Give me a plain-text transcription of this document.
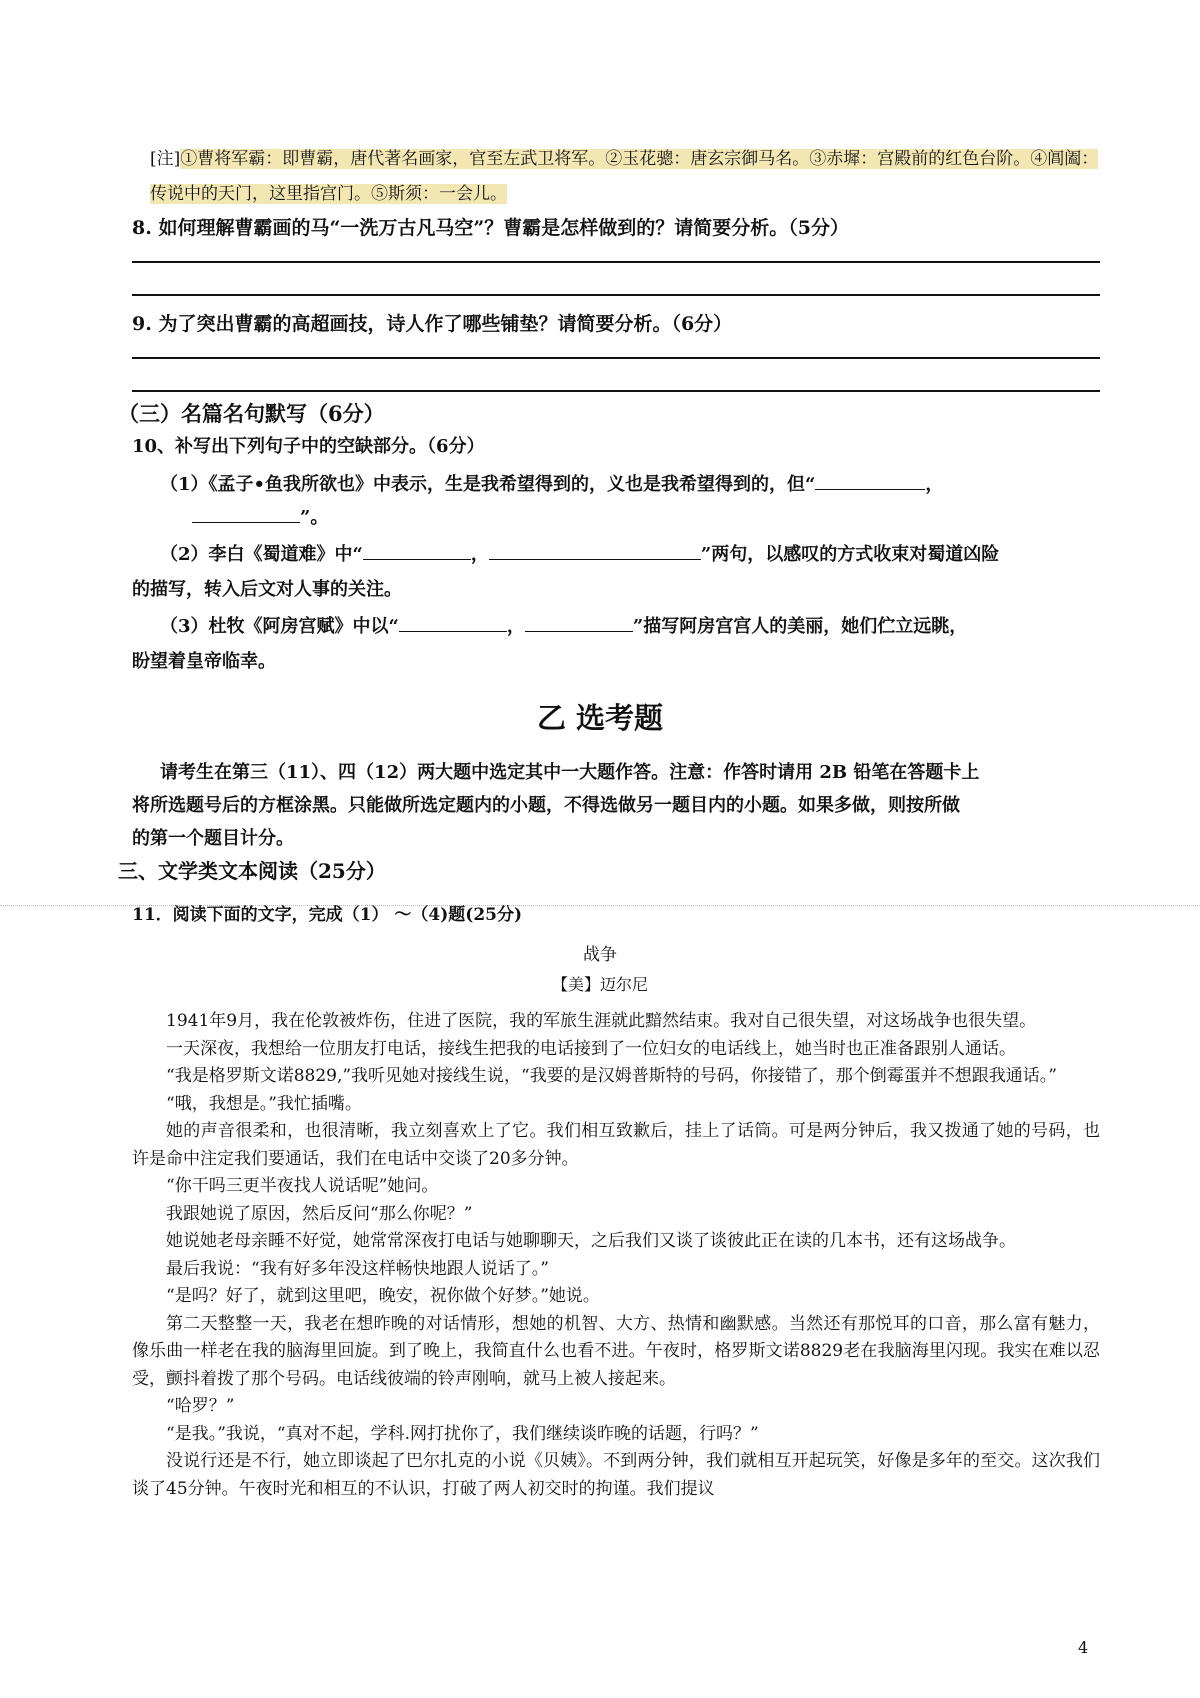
[注]①曹将军霸：即曹霸，唐代著名画家，官至左武卫将军。②玉花骢：唐玄宗御马名。③赤墀：宫殿前的红色台阶。④阊阖：传说中的天门，这里指宫门。⑤斯须：一会儿。
8. 如何理解曹霸画的马“一洗万古凡马空”？曹霸是怎样做到的？请简要分析。（5分）
9. 为了突出曹霸的高超画技，诗人作了哪些铺垫？请简要分析。（6分）
（三）名篇名句默写（6分）
10、补写出下列句子中的空缺部分。（6分）
（1）《孟子•鱼我所欲也》中表示，生是我希望得到的，义也是我希望得到的，但“	，
”。
（2）李白《蜀道难》中“	，	”两句，以感叹的方式收束对蜀道凶险
的描写，转入后文对人事的关注。
（3）杜牧《阿房宫赋》中以“	，	”描写阿房宫宫人的美丽，她们伫立远眺，
盼望着皇帝临幸。
乙 选考题
请考生在第三（11）、四（12）两大题中选定其中一大题作答。注意：作答时请用 2B 铅笔在答题卡上
将所选题号后的方框涂黑。只能做所选定题内的小题，不得选做另一题目内的小题。如果多做，则按所做
的第一个题目计分。
三、文学类文本阅读（25分）
11．阅读下面的文字，完成（1） ～（4)题(25分)
战争
【美】迈尔尼

1941年9月，我在伦敦被炸伤，住进了医院，我的军旅生涯就此黯然结束。我对自己很失望，对这场战争也很失望。

一天深夜，我想给一位朋友打电话，接线生把我的电话接到了一位妇女的电话线上，她当时也正准备跟别人通话。

“我是格罗斯文诺8829,”我听见她对接线生说，“我要的是汉姆普斯特的号码，你接错了，那个倒霉蛋并不想跟我通话。”

“哦，我想是。”我忙插嘴。

她的声音很柔和，也很清晰，我立刻喜欢上了它。我们相互致歉后，挂上了话筒。可是两分钟后，我又拨通了她的号码，也许是命中注定我们要通话，我们在电话中交谈了20多分钟。

“你干吗三更半夜找人说话呢”她问。

我跟她说了原因，然后反问“那么你呢？”

她说她老母亲睡不好觉，她常常深夜打电话与她聊聊天，之后我们又谈了谈彼此正在读的几本书，还有这场战争。

最后我说：“我有好多年没这样畅快地跟人说话了。”

“是吗？好了，就到这里吧，晚安，祝你做个好梦。”她说。

第二天整整一天，我老在想昨晚的对话情形，想她的机智、大方、热情和幽默感。当然还有那悦耳的口音，那么富有魅力，像乐曲一样老在我的脑海里回旋。到了晚上，我简直什么也看不进。午夜时，格罗斯文诺8829老在我脑海里闪现。我实在难以忍受，颤抖着拨了那个号码。电话线彼端的铃声刚响，就马上被人接起来。

“哈罗？”

“是我。”我说，“真对不起，学科.网打扰你了，我们继续谈昨晚的话题，行吗？”

没说行还是不行，她立即谈起了巴尔扎克的小说《贝姨》。不到两分钟，我们就相互开起玩笑，好像是多年的至交。这次我们谈了45分钟。午夜时光和相互的不认识，打破了两人初交时的拘谨。我们提议

4
